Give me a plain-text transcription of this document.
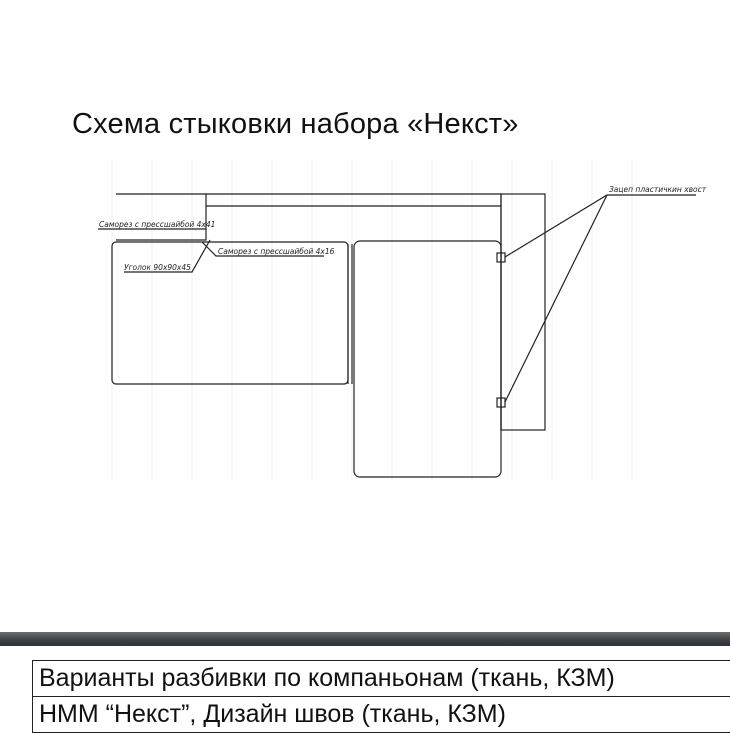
Схема стыковки набора «Некст»
Саморез с прессшайбой 4х41
Саморез с прессшайбой 4х16
Уголок 90х90х45
Зацеп пластичкин хвост
Варианты разбивки по компаньонам (ткань, КЗМ)
НММ “Некст”, Дизайн швов (ткань, КЗМ)
